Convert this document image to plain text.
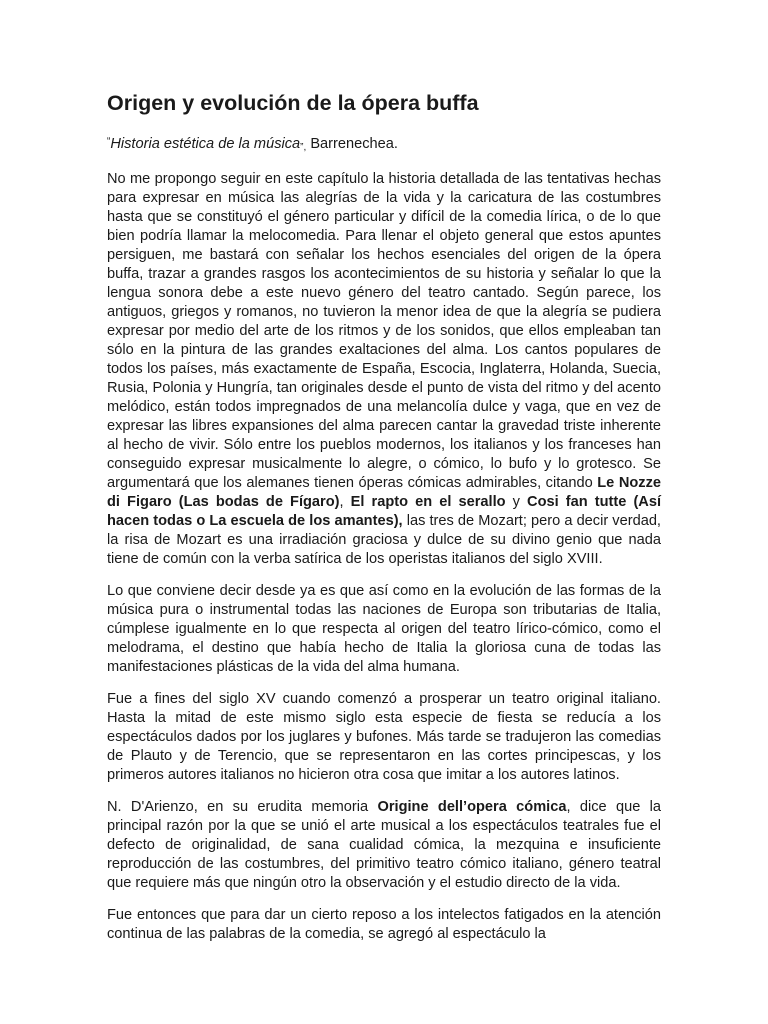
Origen y evolución de la ópera buffa

“Historia estética de la música”, Barrenechea.

No me propongo seguir en este capítulo la historia detallada de las tentativas hechas para expresar en música las alegrías de la vida y la caricatura de las costumbres hasta que se constituyó el género particular y difícil de la comedia lírica, o de lo que bien podría llamar la melocomedia. Para llenar el objeto general que estos apuntes persiguen, me bastará con señalar los hechos esenciales del origen de la ópera buffa, trazar a grandes rasgos los acontecimientos de su historia y señalar lo que la lengua sonora debe a este nuevo género del teatro cantado. Según parece, los antiguos, griegos y romanos, no tuvieron la menor idea de que la alegría se pudiera expresar por medio del arte de los ritmos y de los sonidos, que ellos empleaban tan sólo en la pintura de las grandes exaltaciones del alma. Los cantos populares de todos los países, más exactamente de España, Escocia, Inglaterra, Holanda, Suecia, Rusia, Polonia y Hungría, tan originales desde el punto de vista del ritmo y del acento melódico, están todos impregnados de una melancolía dulce y vaga, que en vez de expresar las libres expansiones del alma parecen cantar la gravedad triste inherente al hecho de vivir. Sólo entre los pueblos modernos, los italianos y los franceses han conseguido expresar musicalmente lo alegre, o cómico, lo bufo y lo grotesco. Se argumentará que los alemanes tienen óperas cómicas admirables, citando Le Nozze di Figaro (Las bodas de Fígaro), El rapto en el serallo y Cosi fan tutte (Así hacen todas o La escuela de los amantes), las tres de Mozart; pero a decir verdad, la risa de Mozart es una irradiación graciosa y dulce de su divino genio que nada tiene de común con la verba satírica de los operistas italianos del siglo XVIII.

Lo que conviene decir desde ya es que así como en la evolución de las formas de la música pura o instrumental todas las naciones de Europa son tributarias de Italia, cúmplese igualmente en lo que respecta al origen del teatro lírico-cómico, como el melodrama, el destino que había hecho de Italia la gloriosa cuna de todas las manifestaciones plásticas de la vida del alma humana.

Fue a fines del siglo XV cuando comenzó a prosperar un teatro original italiano. Hasta la mitad de este mismo siglo esta especie de fiesta se reducía a los espectáculos dados por los juglares y bufones. Más tarde se tradujeron las comedias de Plauto y de Terencio, que se representaron en las cortes principescas, y los primeros autores italianos no hicieron otra cosa que imitar a los autores latinos.

N. D'Arienzo, en su erudita memoria Origine dell’opera cómica, dice que la principal razón por la que se unió el arte musical a los espectáculos teatrales fue el defecto de originalidad, de sana cualidad cómica, la mezquina e insuficiente reproducción de las costumbres, del primitivo teatro cómico italiano, género teatral que requiere más que ningún otro la observación y el estudio directo de la vida.

Fue entonces que para dar un cierto reposo a los intelectos fatigados en la atención continua de las palabras de la comedia, se agregó al espectáculo la
